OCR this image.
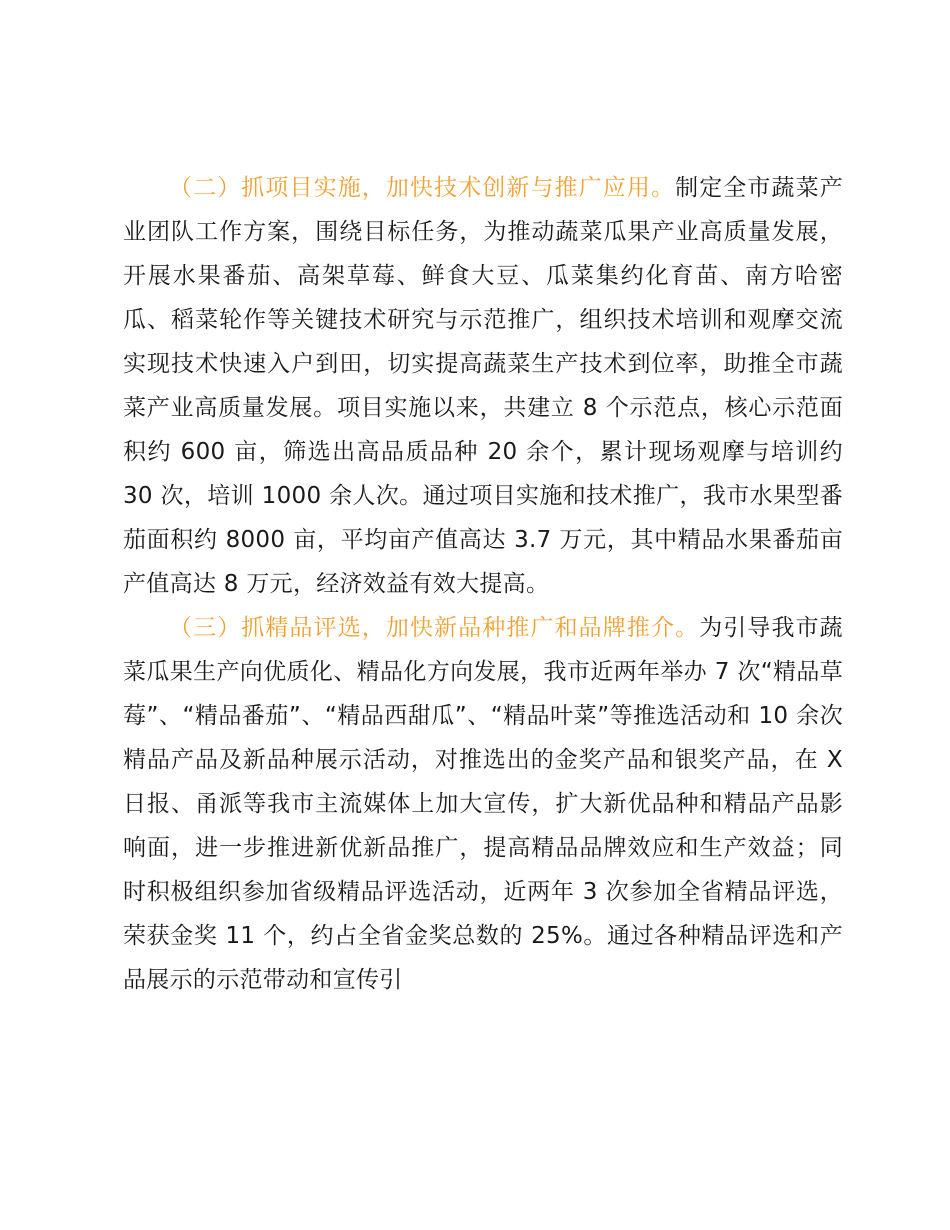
（二）抓项目实施，加快技术创新与推广应用。制定全市蔬菜产业团队工作方案，围绕目标任务，为推动蔬菜瓜果产业高质量发展，开展水果番茄、高架草莓、鲜食大豆、瓜菜集约化育苗、南方哈密瓜、稻菜轮作等关键技术研究与示范推广，组织技术培训和观摩交流实现技术快速入户到田，切实提高蔬菜生产技术到位率，助推全市蔬菜产业高质量发展。项目实施以来，共建立 8 个示范点，核心示范面积约 600 亩，筛选出高品质品种 20 余个，累计现场观摩与培训约 30 次，培训 1000 余人次。通过项目实施和技术推广，我市水果型番茄面积约 8000 亩，平均亩产值高达 3.7 万元，其中精品水果番茄亩产值高达 8 万元，经济效益有效大提高。

（三）抓精品评选，加快新品种推广和品牌推介。为引导我市蔬菜瓜果生产向优质化、精品化方向发展，我市近两年举办 7 次“精品草莓”、“精品番茄”、“精品西甜瓜”、“精品叶菜”等推选活动和 10 余次精品产品及新品种展示活动，对推选出的金奖产品和银奖产品，在 X 日报、甬派等我市主流媒体上加大宣传，扩大新优品种和精品产品影响面，进一步推进新优新品推广，提高精品品牌效应和生产效益；同时积极组织参加省级精品评选活动，近两年 3 次参加全省精品评选，荣获金奖 11 个，约占全省金奖总数的 25%。通过各种精品评选和产品展示的示范带动和宣传引
